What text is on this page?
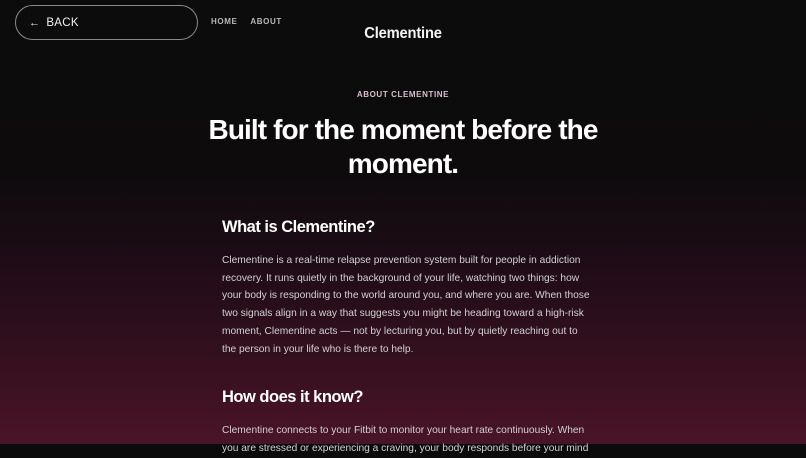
← BACK	HOME ABOUT
Clementine
ABOUT CLEMENTINE
Built for the moment before the moment.
What is Clementine?

Clementine is a real-time relapse prevention system built for people in addiction recovery. It runs quietly in the background of your life, watching two things: how your body is responding to the world around you, and where you are. When those two signals align in a way that suggests you might be heading toward a high-risk moment, Clementine acts — not by lecturing you, but by quietly reaching out to the person in your life who is there to help.

How does it know?

Clementine connects to your Fitbit to monitor your heart rate continuously. When you are stressed or experiencing a craving, your body responds before your mind
